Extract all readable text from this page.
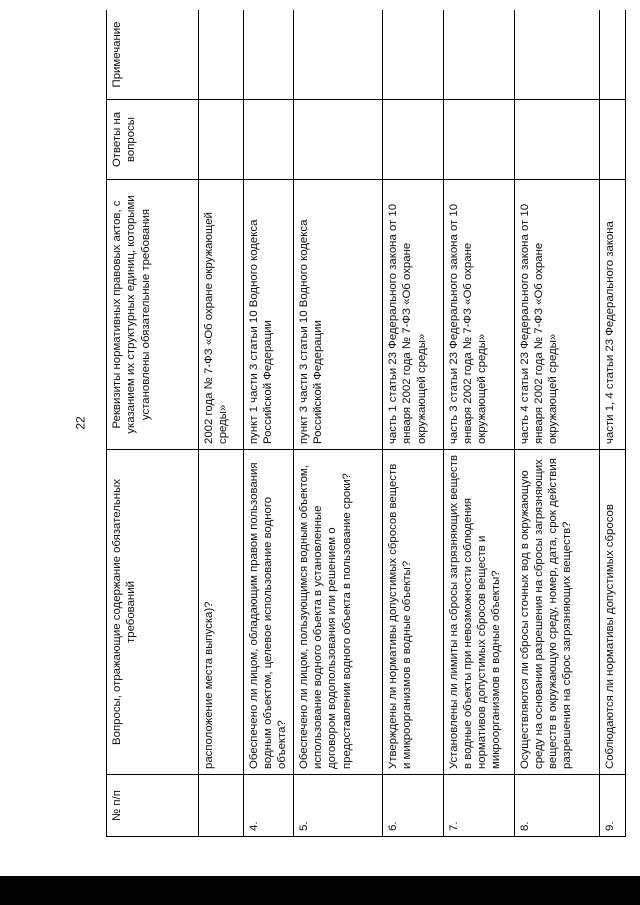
22
№ п/п	Вопросы, отражающие содержание обязательных требований	Реквизиты нормативных правовых актов, с указанием их структурных единиц, которыми установлены обязательные требования	Ответы на вопросы	Примечание
	расположение места выпуска)?	2002 года № 7-ФЗ «Об охране окружающей среды»		
4.	Обеспечено ли лицом, обладающим правом пользования водным объектом, целевое использование водного объекта?	пункт 1 части 3 статьи 10 Водного кодекса Российской Федерации		
5.	Обеспечено ли лицом, пользующимся водным объектом, использование водного объекта в установленные договором водопользования или решением о предоставлении водного объекта в пользование сроки?	пункт 3 части 3 статьи 10 Водного кодекса Российской Федерации		
6.	Утверждены ли нормативы допустимых сбросов веществ и микроорганизмов в водные объекты?	часть 1 статьи 23 Федерального закона от 10 января 2002 года № 7-ФЗ «Об охране окружающей среды»		
7.	Установлены ли лимиты на сбросы загрязняющих веществ в водные объекты при невозможности соблюдения нормативов допустимых сбросов веществ и микроорганизмов в водные объекты?	часть 3 статьи 23 Федерального закона от 10 января 2002 года № 7-ФЗ «Об охране окружающей среды»		
8.	Осуществляются ли сбросы сточных вод в окружающую среду на основании разрешения на сбросы загрязняющих веществ в окружающую среду, номер, дата, срок действия разрешения на сброс загрязняющих веществ?	часть 4 статьи 23 Федерального закона от 10 января 2002 года № 7-ФЗ «Об охране окружающей среды»		
9.	Соблюдаются ли нормативы допустимых сбросов	части 1, 4 статьи 23 Федерального закона		
